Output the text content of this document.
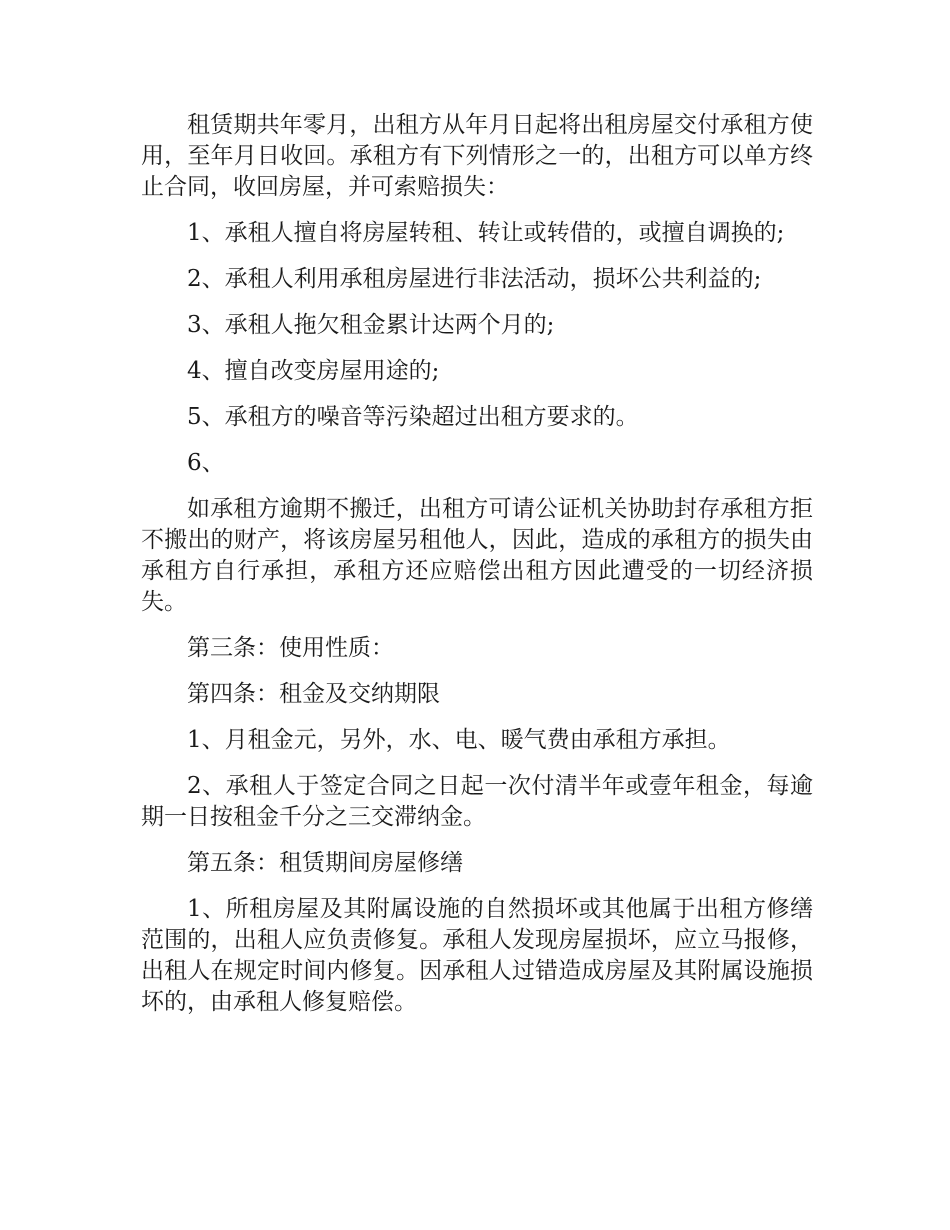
租赁期共年零月，出租方从年月日起将出租房屋交付承租方使用，至年月日收回。承租方有下列情形之一的，出租方可以单方终止合同，收回房屋，并可索赔损失：

1、承租人擅自将房屋转租、转让或转借的，或擅自调换的;

2、承租人利用承租房屋进行非法活动，损坏公共利益的;

3、承租人拖欠租金累计达两个月的;

4、擅自改变房屋用途的;

5、承租方的噪音等污染超过出租方要求的。

6、

如承租方逾期不搬迁，出租方可请公证机关协助封存承租方拒不搬出的财产，将该房屋另租他人，因此，造成的承租方的损失由承租方自行承担，承租方还应赔偿出租方因此遭受的一切经济损失。

第三条：使用性质：

第四条：租金及交纳期限

1、月租金元，另外，水、电、暖气费由承租方承担。

2、承租人于签定合同之日起一次付清半年或壹年租金，每逾期一日按租金千分之三交滞纳金。

第五条：租赁期间房屋修缮

1、所租房屋及其附属设施的自然损坏或其他属于出租方修缮范围的，出租人应负责修复。承租人发现房屋损坏，应立马报修，出租人在规定时间内修复。因承租人过错造成房屋及其附属设施损坏的，由承租人修复赔偿。
